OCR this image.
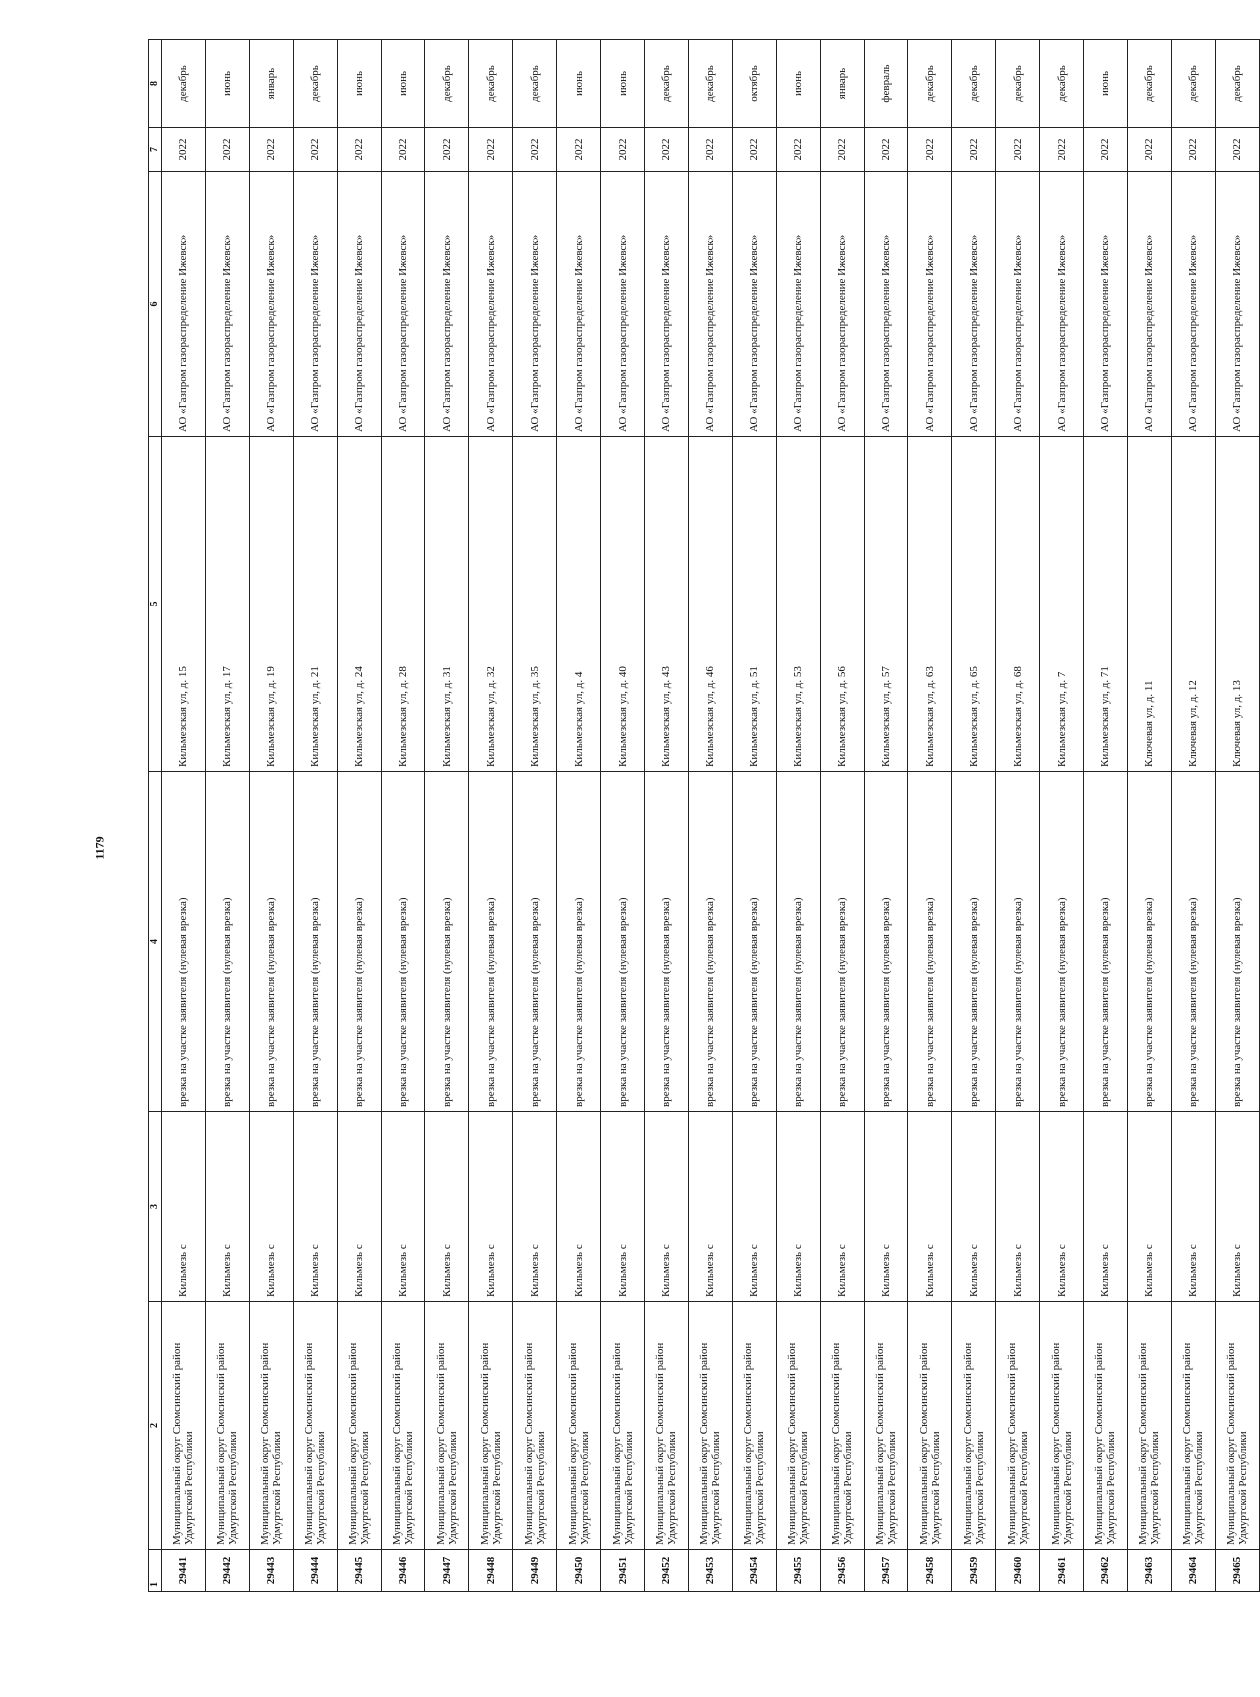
1179
1	2	3	4	5	6	7	8
29441	Муниципальный округ Сюмсинский район Удмуртской Республики	Кильмезь с	врезка на участке заявителя (нулевая врезка)	Кильмезская ул, д. 15	АО «Газпром газораспределение Ижевск»	2022	декабрь
29442	Муниципальный округ Сюмсинский район Удмуртской Республики	Кильмезь с	врезка на участке заявителя (нулевая врезка)	Кильмезская ул, д. 17	АО «Газпром газораспределение Ижевск»	2022	июнь
29443	Муниципальный округ Сюмсинский район Удмуртской Республики	Кильмезь с	врезка на участке заявителя (нулевая врезка)	Кильмезская ул, д. 19	АО «Газпром газораспределение Ижевск»	2022	январь
29444	Муниципальный округ Сюмсинский район Удмуртской Республики	Кильмезь с	врезка на участке заявителя (нулевая врезка)	Кильмезская ул, д. 21	АО «Газпром газораспределение Ижевск»	2022	декабрь
29445	Муниципальный округ Сюмсинский район Удмуртской Республики	Кильмезь с	врезка на участке заявителя (нулевая врезка)	Кильмезская ул, д. 24	АО «Газпром газораспределение Ижевск»	2022	июнь
29446	Муниципальный округ Сюмсинский район Удмуртской Республики	Кильмезь с	врезка на участке заявителя (нулевая врезка)	Кильмезская ул, д. 28	АО «Газпром газораспределение Ижевск»	2022	июнь
29447	Муниципальный округ Сюмсинский район Удмуртской Республики	Кильмезь с	врезка на участке заявителя (нулевая врезка)	Кильмезская ул, д. 31	АО «Газпром газораспределение Ижевск»	2022	декабрь
29448	Муниципальный округ Сюмсинский район Удмуртской Республики	Кильмезь с	врезка на участке заявителя (нулевая врезка)	Кильмезская ул, д. 32	АО «Газпром газораспределение Ижевск»	2022	декабрь
29449	Муниципальный округ Сюмсинский район Удмуртской Республики	Кильмезь с	врезка на участке заявителя (нулевая врезка)	Кильмезская ул, д. 35	АО «Газпром газораспределение Ижевск»	2022	декабрь
29450	Муниципальный округ Сюмсинский район Удмуртской Республики	Кильмезь с	врезка на участке заявителя (нулевая врезка)	Кильмезская ул, д. 4	АО «Газпром газораспределение Ижевск»	2022	июнь
29451	Муниципальный округ Сюмсинский район Удмуртской Республики	Кильмезь с	врезка на участке заявителя (нулевая врезка)	Кильмезская ул, д. 40	АО «Газпром газораспределение Ижевск»	2022	июнь
29452	Муниципальный округ Сюмсинский район Удмуртской Республики	Кильмезь с	врезка на участке заявителя (нулевая врезка)	Кильмезская ул, д. 43	АО «Газпром газораспределение Ижевск»	2022	декабрь
29453	Муниципальный округ Сюмсинский район Удмуртской Республики	Кильмезь с	врезка на участке заявителя (нулевая врезка)	Кильмезская ул, д. 46	АО «Газпром газораспределение Ижевск»	2022	декабрь
29454	Муниципальный округ Сюмсинский район Удмуртской Республики	Кильмезь с	врезка на участке заявителя (нулевая врезка)	Кильмезская ул, д. 51	АО «Газпром газораспределение Ижевск»	2022	октябрь
29455	Муниципальный округ Сюмсинский район Удмуртской Республики	Кильмезь с	врезка на участке заявителя (нулевая врезка)	Кильмезская ул, д. 53	АО «Газпром газораспределение Ижевск»	2022	июнь
29456	Муниципальный округ Сюмсинский район Удмуртской Республики	Кильмезь с	врезка на участке заявителя (нулевая врезка)	Кильмезская ул, д. 56	АО «Газпром газораспределение Ижевск»	2022	январь
29457	Муниципальный округ Сюмсинский район Удмуртской Республики	Кильмезь с	врезка на участке заявителя (нулевая врезка)	Кильмезская ул, д. 57	АО «Газпром газораспределение Ижевск»	2022	февраль
29458	Муниципальный округ Сюмсинский район Удмуртской Республики	Кильмезь с	врезка на участке заявителя (нулевая врезка)	Кильмезская ул, д. 63	АО «Газпром газораспределение Ижевск»	2022	декабрь
29459	Муниципальный округ Сюмсинский район Удмуртской Республики	Кильмезь с	врезка на участке заявителя (нулевая врезка)	Кильмезская ул, д. 65	АО «Газпром газораспределение Ижевск»	2022	декабрь
29460	Муниципальный округ Сюмсинский район Удмуртской Республики	Кильмезь с	врезка на участке заявителя (нулевая врезка)	Кильмезская ул, д. 68	АО «Газпром газораспределение Ижевск»	2022	декабрь
29461	Муниципальный округ Сюмсинский район Удмуртской Республики	Кильмезь с	врезка на участке заявителя (нулевая врезка)	Кильмезская ул, д. 7	АО «Газпром газораспределение Ижевск»	2022	декабрь
29462	Муниципальный округ Сюмсинский район Удмуртской Республики	Кильмезь с	врезка на участке заявителя (нулевая врезка)	Кильмезская ул, д. 71	АО «Газпром газораспределение Ижевск»	2022	июнь
29463	Муниципальный округ Сюмсинский район Удмуртской Республики	Кильмезь с	врезка на участке заявителя (нулевая врезка)	Ключевая ул, д. 11	АО «Газпром газораспределение Ижевск»	2022	декабрь
29464	Муниципальный округ Сюмсинский район Удмуртской Республики	Кильмезь с	врезка на участке заявителя (нулевая врезка)	Ключевая ул, д. 12	АО «Газпром газораспределение Ижевск»	2022	декабрь
29465	Муниципальный округ Сюмсинский район Удмуртской Республики	Кильмезь с	врезка на участке заявителя (нулевая врезка)	Ключевая ул, д. 13	АО «Газпром газораспределение Ижевск»	2022	декабрь
